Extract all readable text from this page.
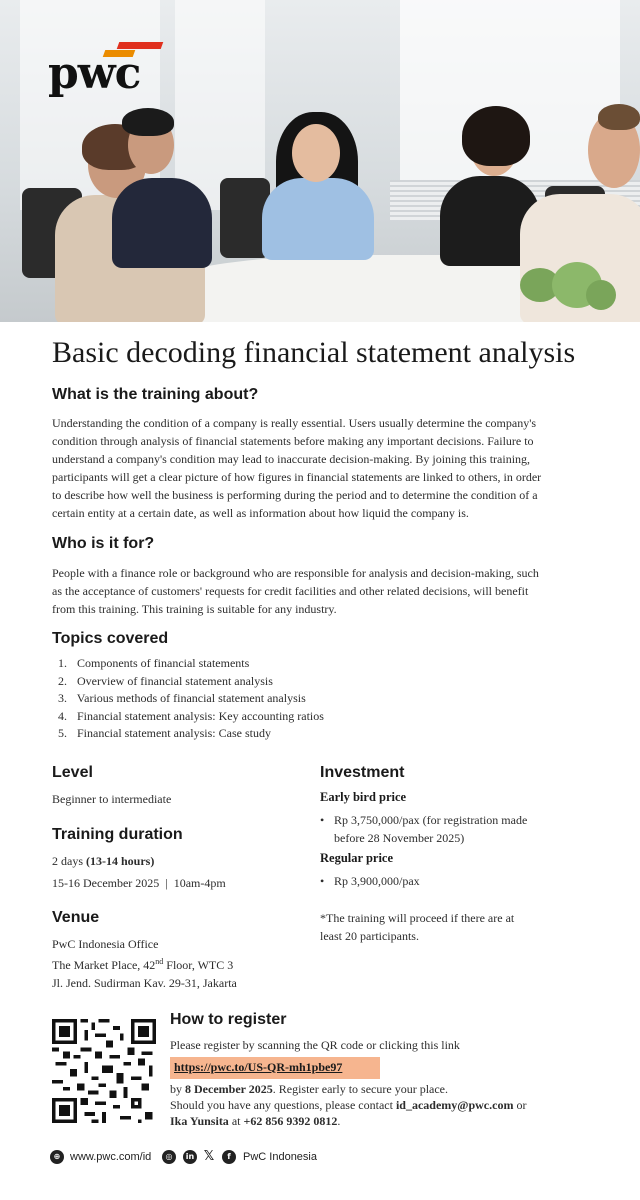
pwc
Basic decoding financial statement analysis
What is the training about?
Understanding the condition of a company is really essential. Users usually determine the company's
condition through analysis of financial statements before making any important decisions. Failure to
understand a company's condition may lead to inaccurate decision-making. By joining this training,
participants will get a clear picture of how figures in financial statements are linked to others, in order
to describe how well the business is performing during the period and to determine the condition of a
certain entity at a certain date, as well as information about how liquid the company is.
Who is it for?
People with a finance role or background who are responsible for analysis and decision-making, such
as the acceptance of customers' requests for credit facilities and other related decisions, will benefit
from this training. This training is suitable for any industry.
Topics covered
1. Components of financial statements
2. Overview of financial statement analysis
3. Various methods of financial statement analysis
4. Financial statement analysis: Key accounting ratios
5. Financial statement analysis: Case study
Level
Beginner to intermediate
Training duration
2 days (13-14 hours)
15-16 December 2025 | 10am-4pm
Venue
PwC Indonesia Office
The Market Place, 42nd Floor, WTC 3
Jl. Jend. Sudirman Kav. 29-31, Jakarta
Investment
Early bird price
• Rp 3,750,000/pax (for registration made
before 28 November 2025)
Regular price
• Rp 3,900,000/pax
*The training will proceed if there are at
least 20 participants.
How to register
Please register by scanning the QR code or clicking this link
https://pwc.to/US-QR-mh1pbe97
by 8 December 2025. Register early to secure your place.
Should you have any questions, please contact id_academy@pwc.com or
Ika Yunsita at +62 856 9392 0812.
⊕ www.pwc.com/id	◎	in 𝕏	f	PwC Indonesia
